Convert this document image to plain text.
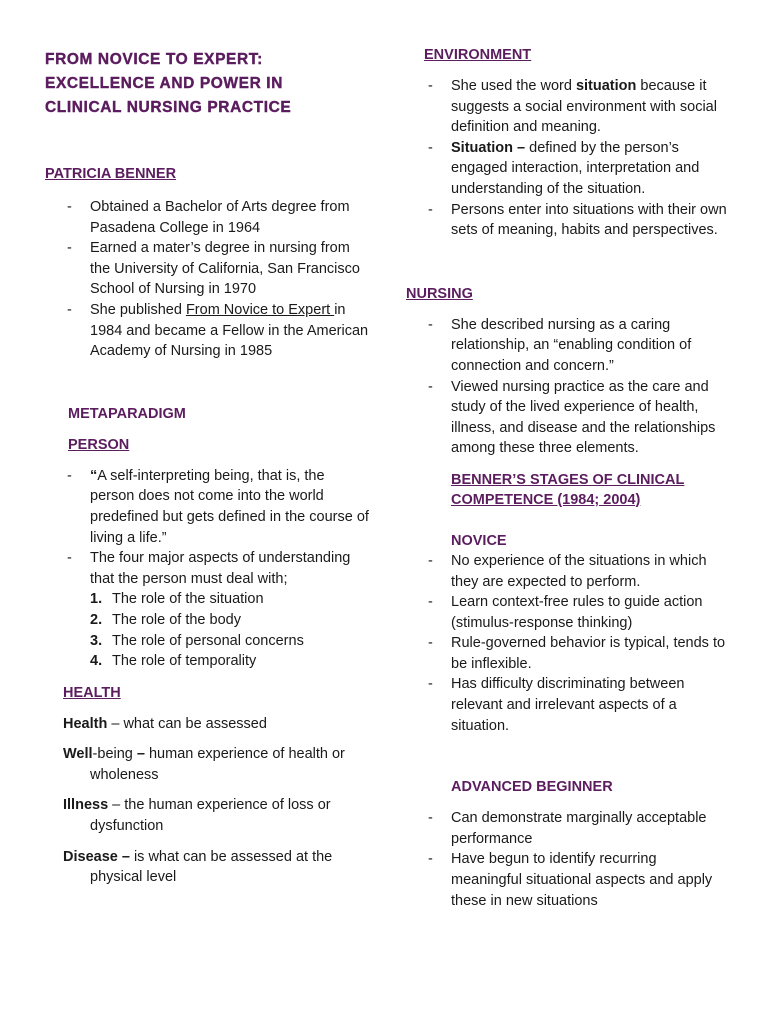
FROM NOVICE TO EXPERT:
EXCELLENCE AND POWER IN
CLINICAL NURSING PRACTICE
PATRICIA BENNER
- Obtained a Bachelor of Arts degree from Pasadena College in 1964
- Earned a mater’s degree in nursing from the University of California, San Francisco School of Nursing in 1970
- She published From Novice to Expert in 1984 and became a Fellow in the American Academy of Nursing in 1985
METAPARADIGM
PERSON
- “A self-interpreting being, that is, the person does not come into the world predefined but gets defined in the course of living a life.”
- The four major aspects of understanding that the person must deal with;
1. The role of the situation
2. The role of the body
3. The role of personal concerns
4. The role of temporality
HEALTH

Health – what can be assessed

Well-being – human experience of health or wholeness

Illness – the human experience of loss or dysfunction

Disease – is what can be assessed at the physical level

ENVIRONMENT
- She used the word situation because it suggests a social environment with social definition and meaning.
- Situation – defined by the person’s engaged interaction, interpretation and understanding of the situation.
- Persons enter into situations with their own sets of meaning, habits and perspectives.
NURSING
- She described nursing as a caring relationship, an “enabling condition of connection and concern.”
- Viewed nursing practice as the care and study of the lived experience of health, illness, and disease and the relationships among these three elements.
BENNER’S STAGES OF CLINICAL
COMPETENCE (1984; 2004)
NOVICE
- No experience of the situations in which they are expected to perform.
- Learn context-free rules to guide action (stimulus-response thinking)
- Rule-governed behavior is typical, tends to be inflexible.
- Has difficulty discriminating between relevant and irrelevant aspects of a situation.
ADVANCED BEGINNER
- Can demonstrate marginally acceptable performance
- Have begun to identify recurring meaningful situational aspects and apply these in new situations
